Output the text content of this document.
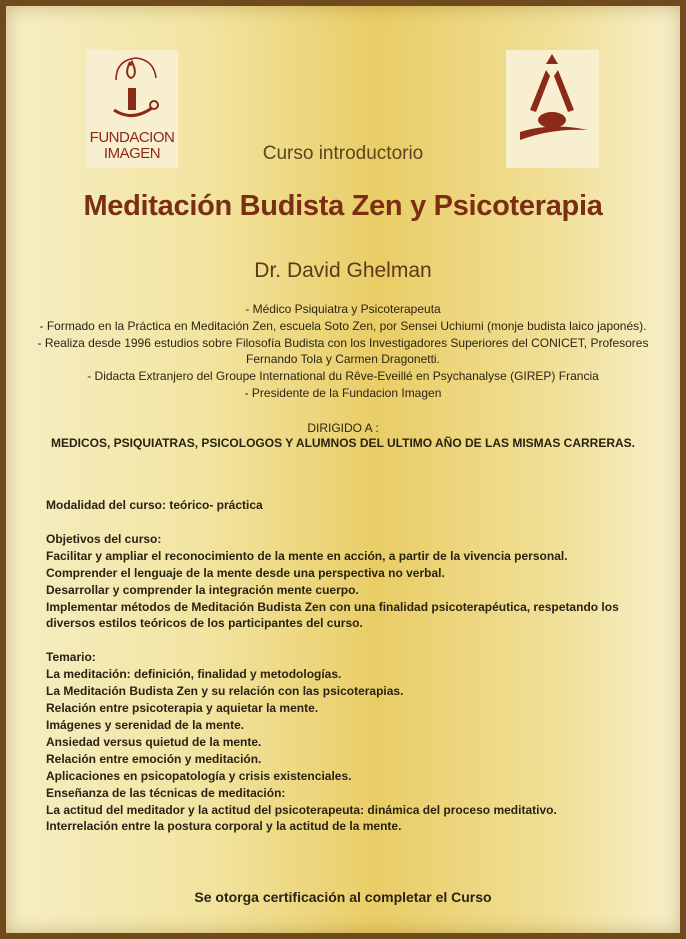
FUNDACION
IMAGEN	Curso introductorio
Meditación Budista Zen y Psicoterapia
Dr. David Ghelman
- Médico Psiquiatra y Psicoterapeuta
- Formado en la Práctica en Meditación Zen, escuela Soto Zen, por Sensei Uchiumi (monje budista laico japonés).
- Realiza desde 1996 estudios sobre Filosofía Budista con los Investigadores Superiores del CONICET, Profesores
Fernando Tola y Carmen Dragonetti.
- Didacta Extranjero del Groupe International du Rêve-Eveillé en Psychanalyse (GIREP) Francia
- Presidente de la Fundacion Imagen
DIRIGIDO A :
MEDICOS, PSIQUIATRAS, PSICOLOGOS Y ALUMNOS DEL ULTIMO AÑO DE LAS MISMAS CARRERAS.
Modalidad del curso: teórico- práctica
Objetivos del curso:
Facilitar y ampliar el reconocimiento de la mente en acción, a partir de la vivencia personal.
Comprender el lenguaje de la mente desde una perspectiva no verbal.
Desarrollar y comprender la integración mente cuerpo.
Implementar métodos de Meditación Budista Zen con una finalidad psicoterapéutica, respetando los
diversos estilos teóricos de los participantes del curso.
Temario:
La meditación: definición, finalidad y metodologías.
La Meditación Budista Zen y su relación con las psicoterapias.
Relación entre psicoterapia y aquietar la mente.
Imágenes y serenidad de la mente.
Ansiedad versus quietud de la mente.
Relación entre emoción y meditación.
Aplicaciones en psicopatología y crisis existenciales.
Enseñanza de las técnicas de meditación:
La actitud del meditador y la actitud del psicoterapeuta: dinámica del proceso meditativo.
Interrelación entre la postura corporal y la actitud de la mente.
Se otorga certificación al completar el Curso
